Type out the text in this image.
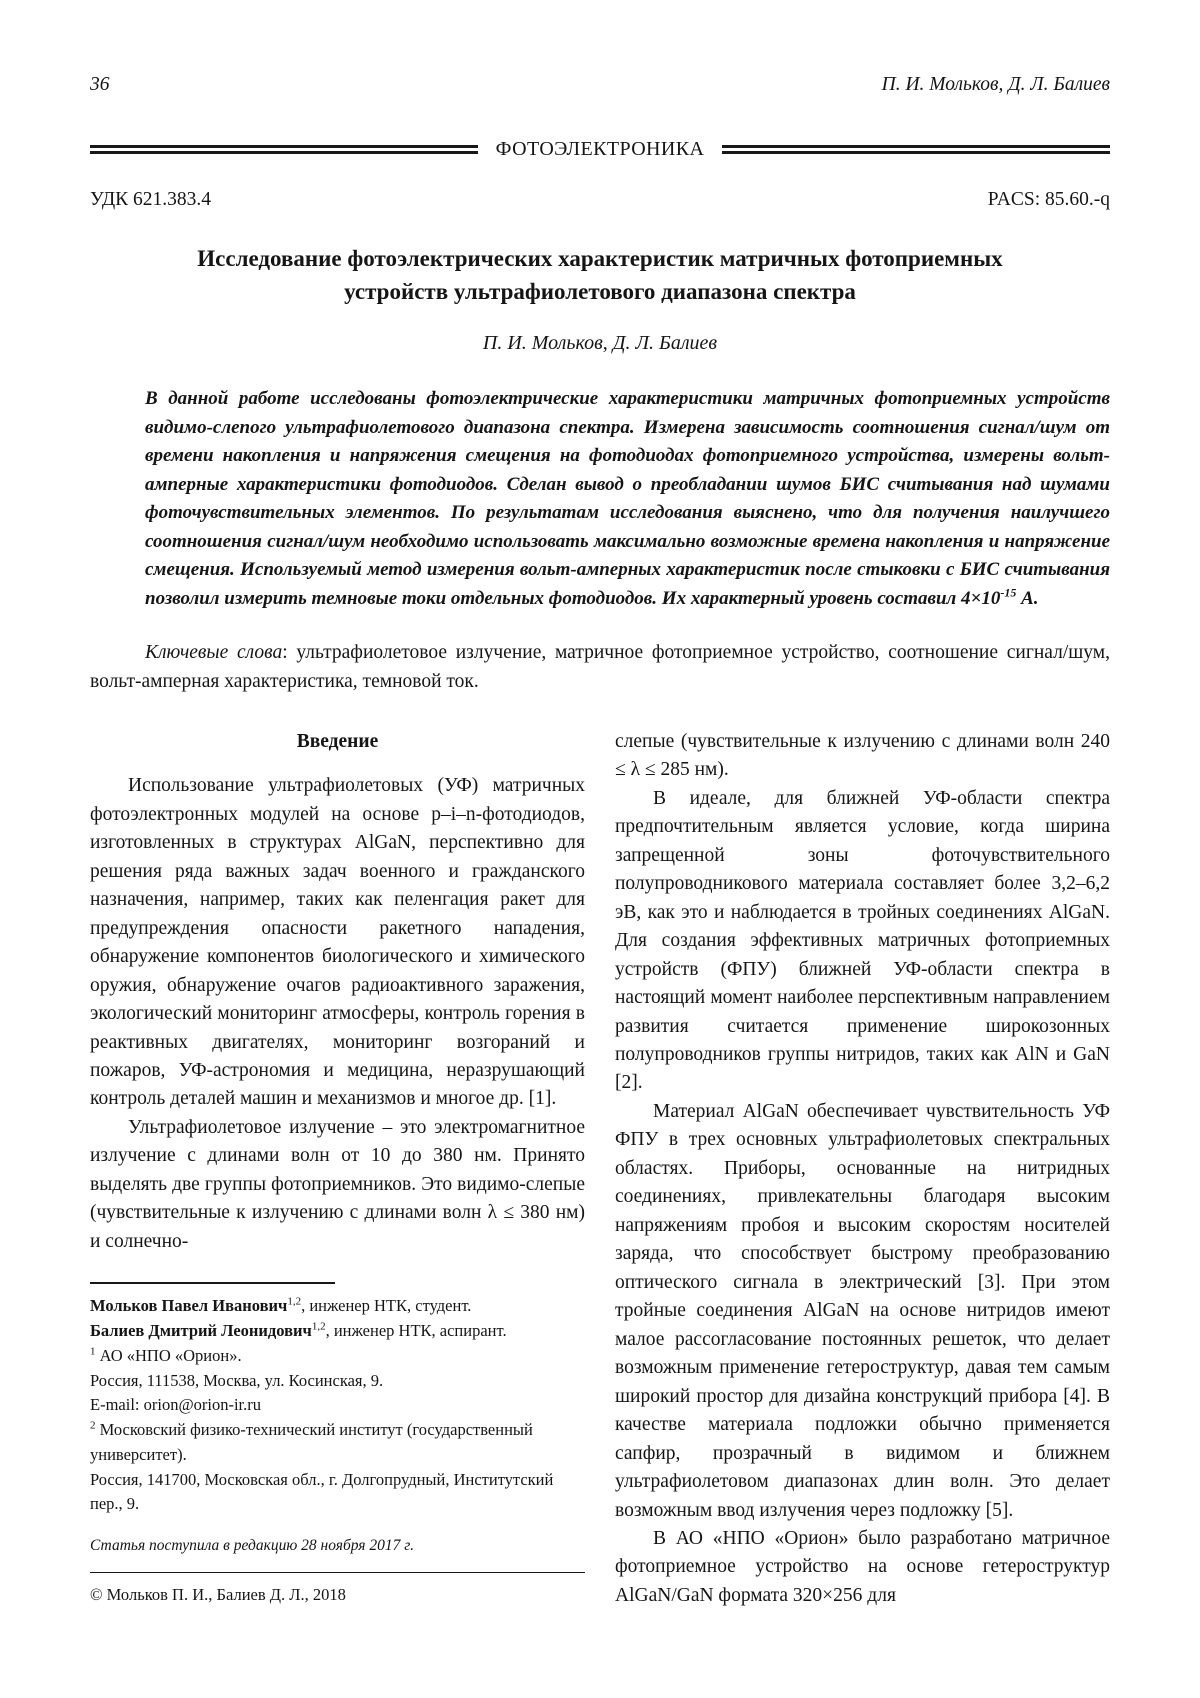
36	П. И. Мольков, Д. Л. Балиев
ФОТОЭЛЕКТРОНИКА
УДК 621.383.4	PACS: 85.60.-q
Исследование фотоэлектрических характеристик матричных фотоприемных устройств ультрафиолетового диапазона спектра
П. И. Мольков, Д. Л. Балиев
В данной работе исследованы фотоэлектрические характеристики матричных фотоприемных устройств видимо-слепого ультрафиолетового диапазона спектра. Измерена зависимость соотношения сигнал/шум от времени накопления и напряжения смещения на фотодиодах фотоприемного устройства, измерены вольт-амперные характеристики фотодиодов. Сделан вывод о преобладании шумов БИС считывания над шумами фоточувствительных элементов. По результатам исследования выяснено, что для получения наилучшего соотношения сигнал/шум необходимо использовать максимально возможные времена накопления и напряжение смещения. Используемый метод измерения вольт-амперных характеристик после стыковки с БИС считывания позволил измерить темновые токи отдельных фотодиодов. Их характерный уровень составил $4\times 10^{-15}$ А.
Ключевые слова: ультрафиолетовое излучение, матричное фотоприемное устройство, соотношение сигнал/шум, вольт-амперная характеристика, темновой ток.
Введение

Использование ультрафиолетовых (УФ) матричных фотоэлектронных модулей на основе p–i–n-фотодиодов, изготовленных в структурах AlGaN, перспективно для решения ряда важных задач военного и гражданского назначения, например, таких как пеленгация ракет для предупреждения опасности ракетного нападения, обнаружение компонентов биологического и химического оружия, обнаружение очагов радиоактивного заражения, экологический мониторинг атмосферы, контроль горения в реактивных двигателях, мониторинг возгораний и пожаров, УФ-астрономия и медицина, неразрушающий контроль деталей машин и механизмов и многое др. [1].

Ультрафиолетовое излучение – это электромагнитное излучение с длинами волн от 10 до 380 нм. Принято выделять две группы фотоприемников. Это видимо-слепые (чувствительные к излучению с длинами волн λ ≤ 380 нм) и солнечно-

Мольков Павел Иванович$^{1,2}$, инженер НТК, студент.

Балиев Дмитрий Леонидович$^{1,2}$, инженер НТК, аспирант.

$^1$ АО «НПО «Орион».

Россия, 111538, Москва, ул. Косинская, 9.

E-mail: orion@orion-ir.ru

$^2$ Московский физико-технический институт (государственный университет).

Россия, 141700, Московская обл., г. Долгопрудный, Институтский пер., 9.

Статья поступила в редакцию 28 ноября 2017 г.

© Мольков П. И., Балиев Д. Л., 2018

слепые (чувствительные к излучению с длинами волн 240 ≤ λ ≤ 285 нм).

В идеале, для ближней УФ-области спектра предпочтительным является условие, когда ширина запрещенной зоны фоточувствительного полупроводникового материала составляет более 3,2–6,2 эВ, как это и наблюдается в тройных соединениях AlGaN. Для создания эффективных матричных фотоприемных устройств (ФПУ) ближней УФ-области спектра в настоящий момент наиболее перспективным направлением развития считается применение широкозонных полупроводников группы нитридов, таких как AlN и GaN [2].

Материал AlGaN обеспечивает чувствительность УФ ФПУ в трех основных ультрафиолетовых спектральных областях. Приборы, основанные на нитридных соединениях, привлекательны благодаря высоким напряжениям пробоя и высоким скоростям носителей заряда, что способствует быстрому преобразованию оптического сигнала в электрический [3]. При этом тройные соединения AlGaN на основе нитридов имеют малое рассогласование постоянных решеток, что делает возможным применение гетероструктур, давая тем самым широкий простор для дизайна конструкций прибора [4]. В качестве материала подложки обычно применяется сапфир, прозрачный в видимом и ближнем ультрафиолетовом диапазонах длин волн. Это делает возможным ввод излучения через подложку [5].

В АО «НПО «Орион» было разработано матричное фотоприемное устройство на основе гетероструктур AlGaN/GaN формата 320×256 для
